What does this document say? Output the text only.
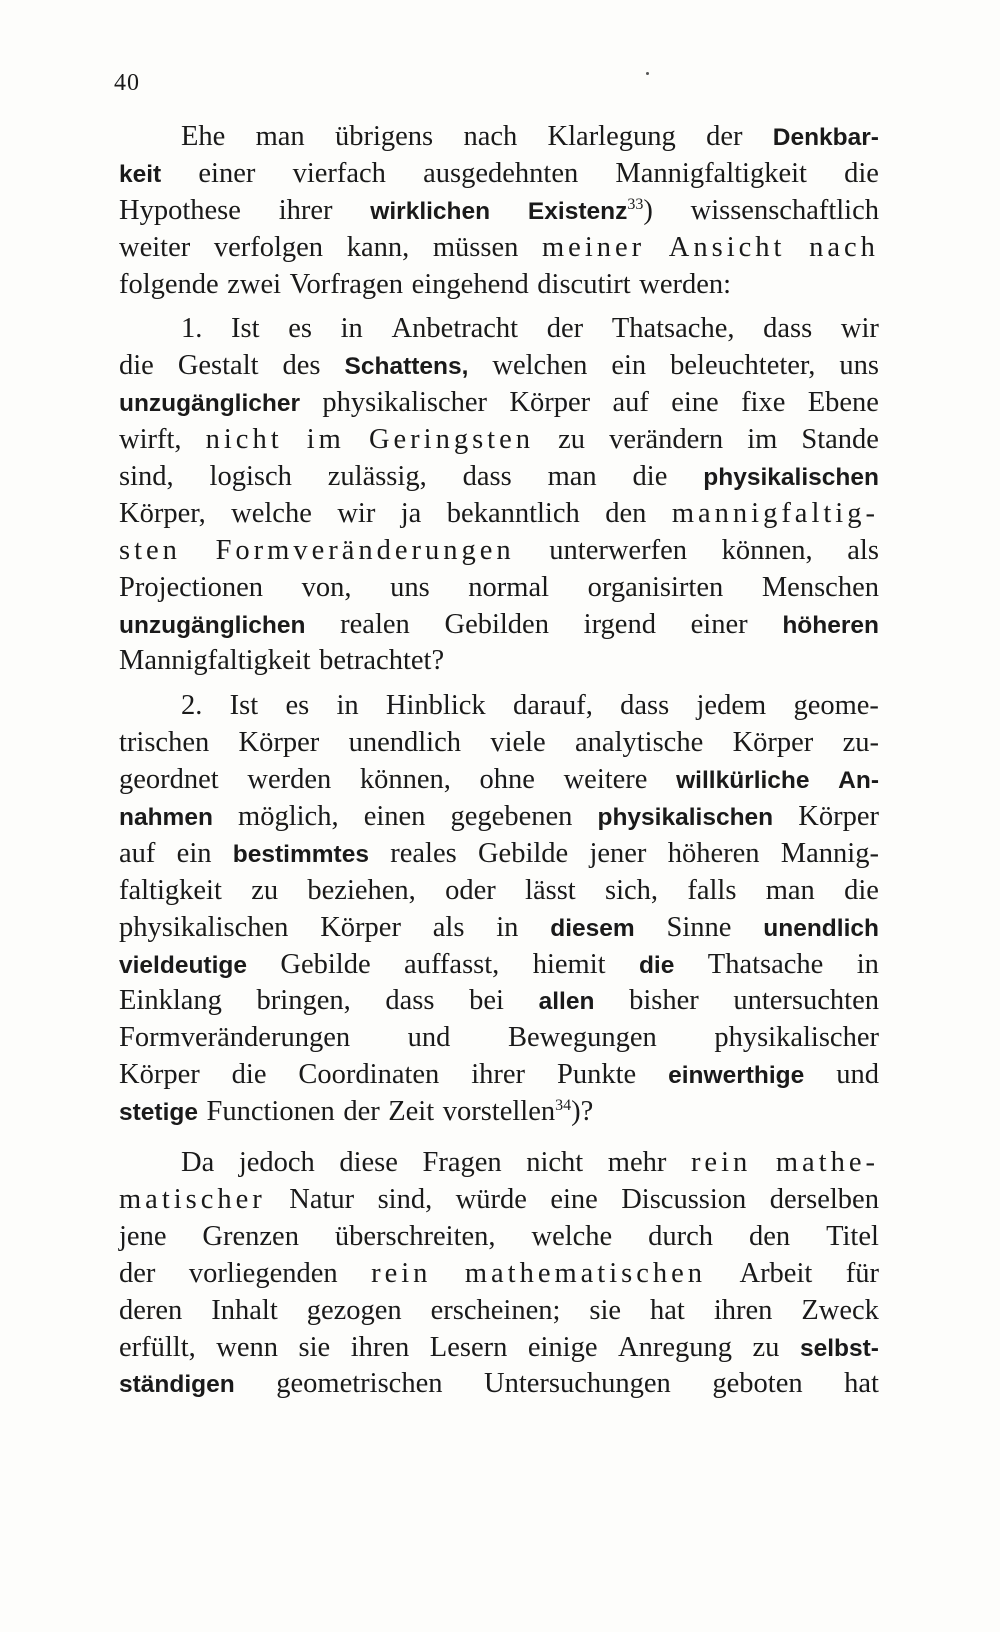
40
Ehe man übrigens nach Klarlegung der Denkbar-
keit einer vierfach ausgedehnten Mannigfaltigkeit die
Hypothese ihrer wirklichen Existenz$^{33}$) wissenschaftlich
weiter verfolgen kann, müssen meiner Ansicht nach
folgende zwei Vorfragen eingehend discutirt werden:
1. Ist es in Anbetracht der Thatsache, dass wir
die Gestalt des Schattens, welchen ein beleuchteter, uns
unzugänglicher physikalischer Körper auf eine fixe Ebene
wirft, nicht im Geringsten zu verändern im Stande
sind, logisch zulässig, dass man die physikalischen
Körper, welche wir ja bekanntlich den mannigfaltig-
sten Formveränderungen unterwerfen können, als
Projectionen von, uns normal organisirten Menschen
unzugänglichen realen Gebilden irgend einer höheren
Mannigfaltigkeit betrachtet?
2. Ist es in Hinblick darauf, dass jedem geome-
trischen Körper unendlich viele analytische Körper zu-
geordnet werden können, ohne weitere willkürliche An-
nahmen möglich, einen gegebenen physikalischen Körper
auf ein bestimmtes reales Gebilde jener höheren Mannig-
faltigkeit zu beziehen, oder lässt sich, falls man die
physikalischen Körper als in diesem Sinne unendlich
vieldeutige Gebilde auffasst, hiemit die Thatsache in
Einklang bringen, dass bei allen bisher untersuchten
Formveränderungen und Bewegungen physikalischer
Körper die Coordinaten ihrer Punkte einwerthige und
stetige Functionen der Zeit vorstellen$^{34}$)?
Da jedoch diese Fragen nicht mehr rein mathe-
matischer Natur sind, würde eine Discussion derselben
jene Grenzen überschreiten, welche durch den Titel
der vorliegenden rein mathematischen Arbeit für
deren Inhalt gezogen erscheinen; sie hat ihren Zweck
erfüllt, wenn sie ihren Lesern einige Anregung zu selbst-
ständigen geometrischen Untersuchungen geboten hat
